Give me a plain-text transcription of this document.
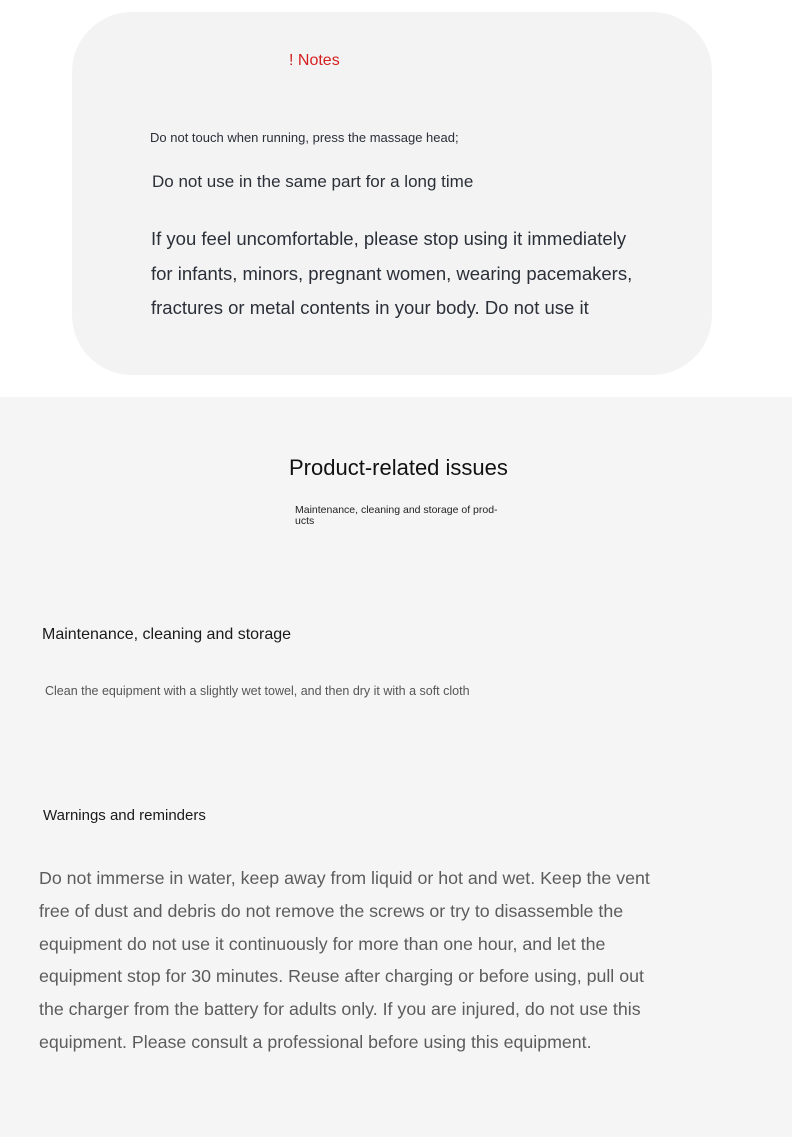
! Notes
Do not touch when running, press the massage head;
Do not use in the same part for a long time
If you feel uncomfortable, please stop using it immediately for infants, minors, pregnant women, wearing pacemakers, fractures or metal contents in your body. Do not use it
Product-related issues
Maintenance, cleaning and storage of prod- ucts
Maintenance, cleaning and storage
Clean the equipment with a slightly wet towel, and then dry it with a soft cloth
Warnings and reminders
Do not immerse in water, keep away from liquid or hot and wet. Keep the vent free of dust and debris do not remove the screws or try to disassemble the equipment do not use it continuously for more than one hour, and let the equipment stop for 30 minutes. Reuse after charging or before using, pull out the charger from the battery for adults only. If you are injured, do not use this equipment. Please consult a professional before using this equipment.
